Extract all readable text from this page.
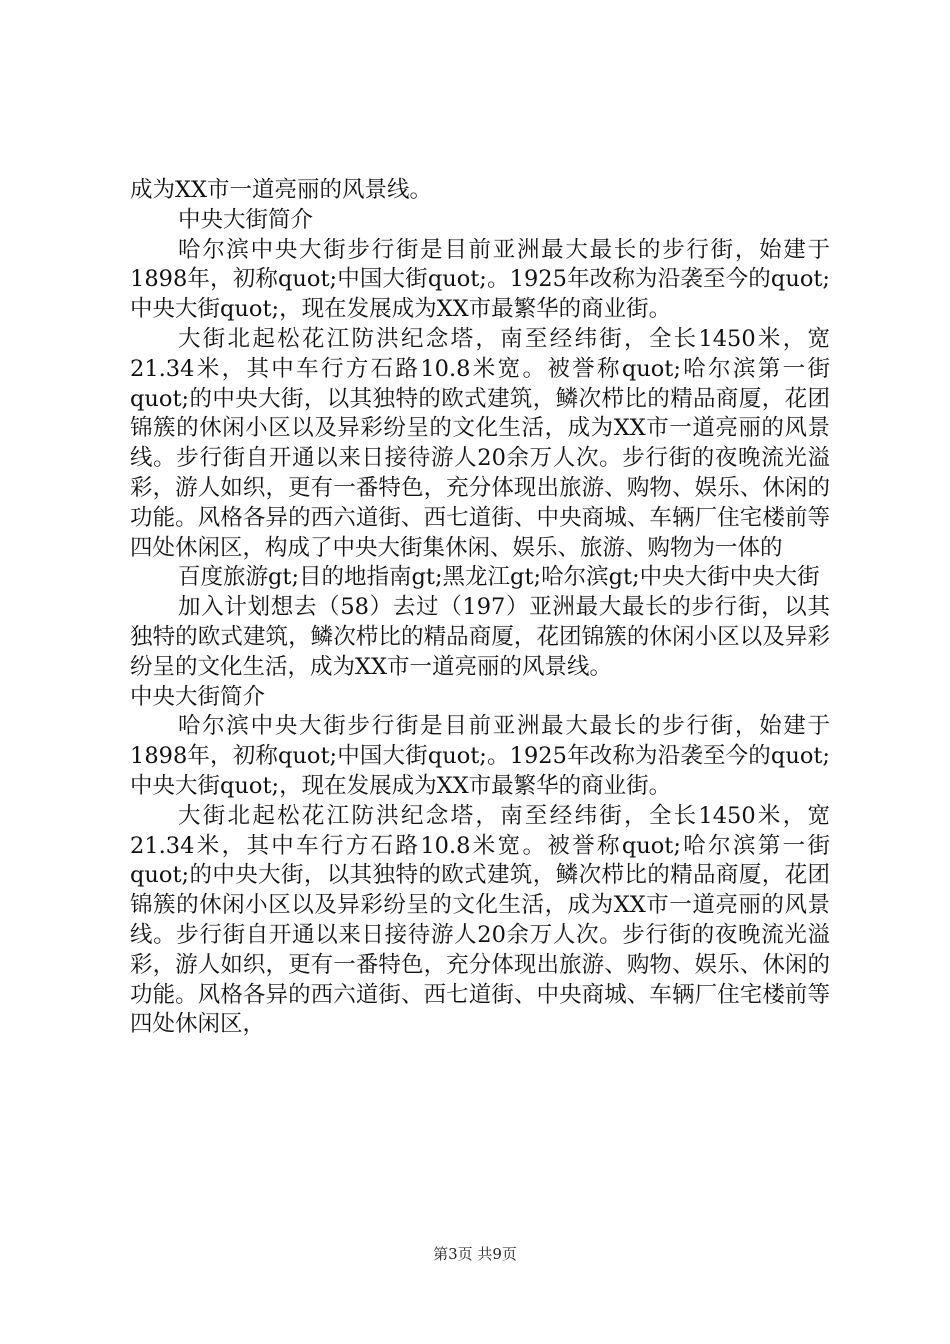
成为XX市一道亮丽的风景线。

中央大街简介

哈尔滨中央大街步行街是目前亚洲最大最长的步行街，始建于1898年，初称quot;中国大街quot;。1925年改称为沿袭至今的quot;中央大街quot;，现在发展成为XX市最繁华的商业街。

大街北起松花江防洪纪念塔，南至经纬街，全长1450米，宽21.34米，其中车行方石路10.8米宽。被誉称quot;哈尔滨第一街quot;的中央大街，以其独特的欧式建筑，鳞次栉比的精品商厦，花团锦簇的休闲小区以及异彩纷呈的文化生活，成为XX市一道亮丽的风景线。步行街自开通以来日接待游人20余万人次。步行街的夜晚流光溢彩，游人如织，更有一番特色，充分体现出旅游、购物、娱乐、休闲的功能。风格各异的西六道街、西七道街、中央商城、车辆厂住宅楼前等四处休闲区，构成了中央大街集休闲、娱乐、旅游、购物为一体的

百度旅游gt;目的地指南gt;黑龙江gt;哈尔滨gt;中央大街中央大街

加入计划想去（58）去过（197）亚洲最大最长的步行街，以其独特的欧式建筑，鳞次栉比的精品商厦，花团锦簇的休闲小区以及异彩纷呈的文化生活，成为XX市一道亮丽的风景线。

中央大街简介

哈尔滨中央大街步行街是目前亚洲最大最长的步行街，始建于1898年，初称quot;中国大街quot;。1925年改称为沿袭至今的quot;中央大街quot;，现在发展成为XX市最繁华的商业街。

大街北起松花江防洪纪念塔，南至经纬街，全长1450米，宽21.34米，其中车行方石路10.8米宽。被誉称quot;哈尔滨第一街quot;的中央大街，以其独特的欧式建筑，鳞次栉比的精品商厦，花团锦簇的休闲小区以及异彩纷呈的文化生活，成为XX市一道亮丽的风景线。步行街自开通以来日接待游人20余万人次。步行街的夜晚流光溢彩，游人如织，更有一番特色，充分体现出旅游、购物、娱乐、休闲的功能。风格各异的西六道街、西七道街、中央商城、车辆厂住宅楼前等四处休闲区，

第3页 共9页
